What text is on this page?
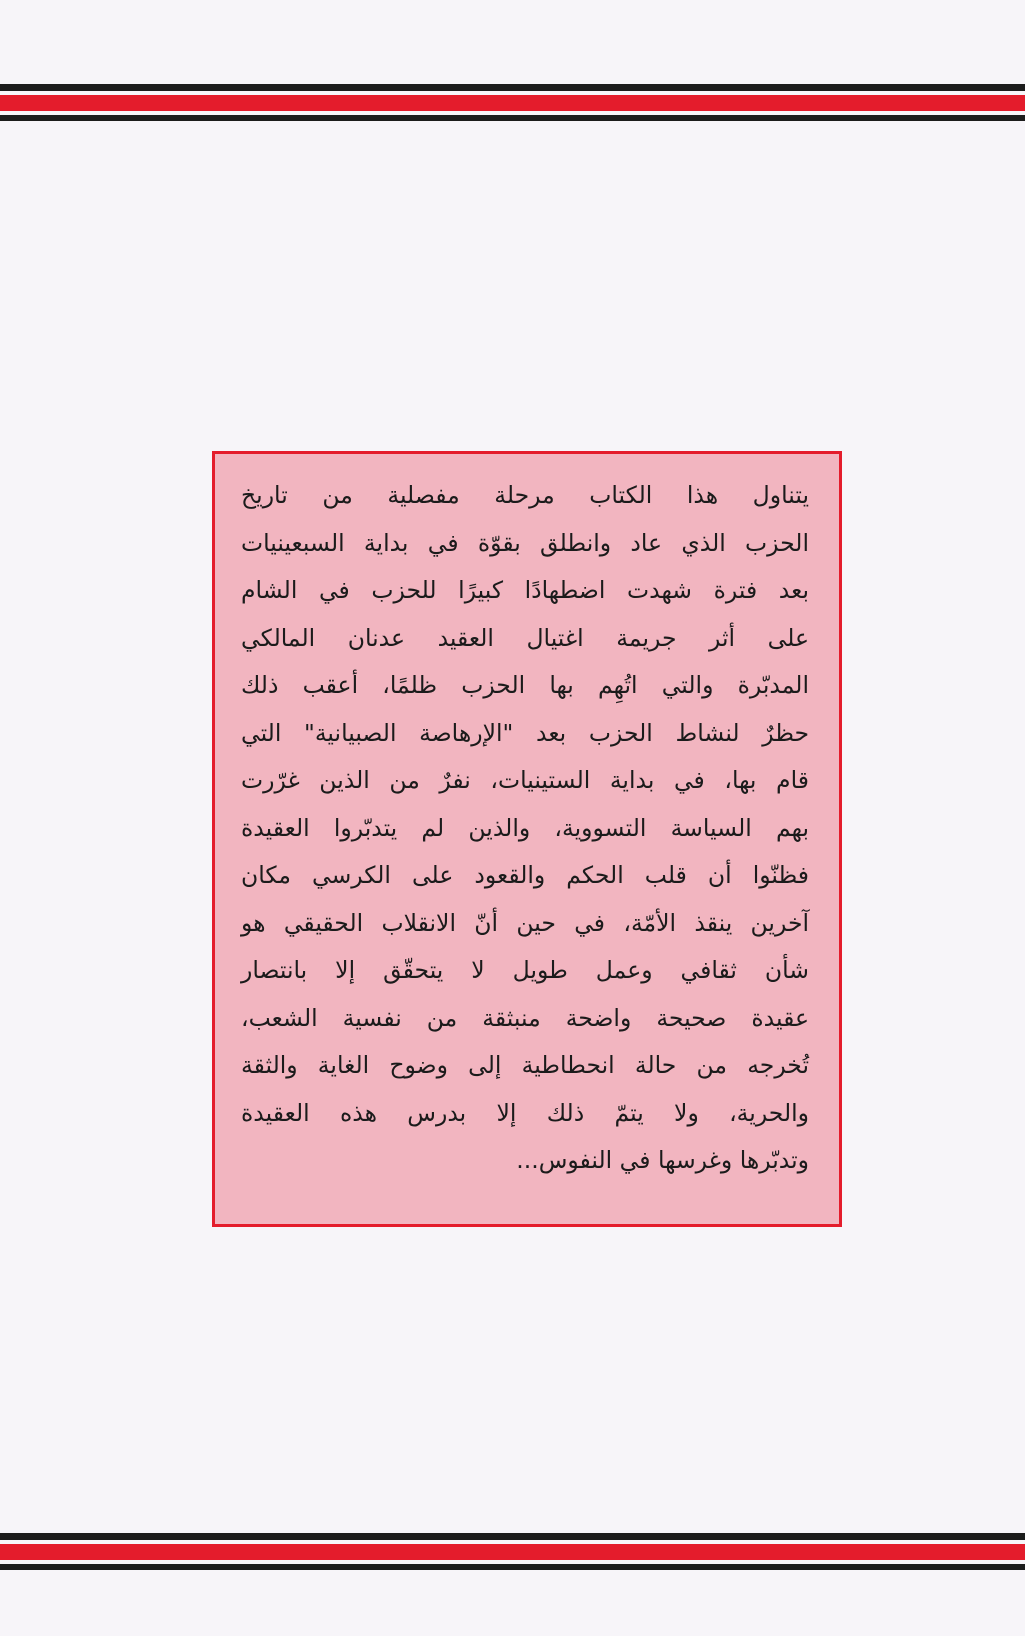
يتناول هذا الكتاب مرحلة مفصلية من تاريخ
الحزب الذي عاد وانطلق بقوّة في بداية السبعينيات
بعد فترة شهدت اضطهادًا كبيرًا للحزب في الشام
على أثر جريمة اغتيال العقيد عدنان المالكي
المدبّرة والتي اتُهِم بها الحزب ظلمًا، أعقب ذلك
حظرٌ لنشاط الحزب بعد "الإرهاصة الصبيانية" التي
قام بها، في بداية الستينيات، نفرٌ من الذين غرّرت
بهم السياسة التسووية، والذين لم يتدبّروا العقيدة
فظنّوا أن قلب الحكم والقعود على الكرسي مكان
آخرين ينقذ الأمّة، في حين أنّ الانقلاب الحقيقي هو
شأن ثقافي وعمل طويل لا يتحقّق إلا بانتصار
عقيدة صحيحة واضحة منبثقة من نفسية الشعب،
تُخرجه من حالة انحطاطية إلى وضوح الغاية والثقة
والحرية، ولا يتمّ ذلك إلا بدرس هذه العقيدة
وتدبّرها وغرسها في النفوس...
